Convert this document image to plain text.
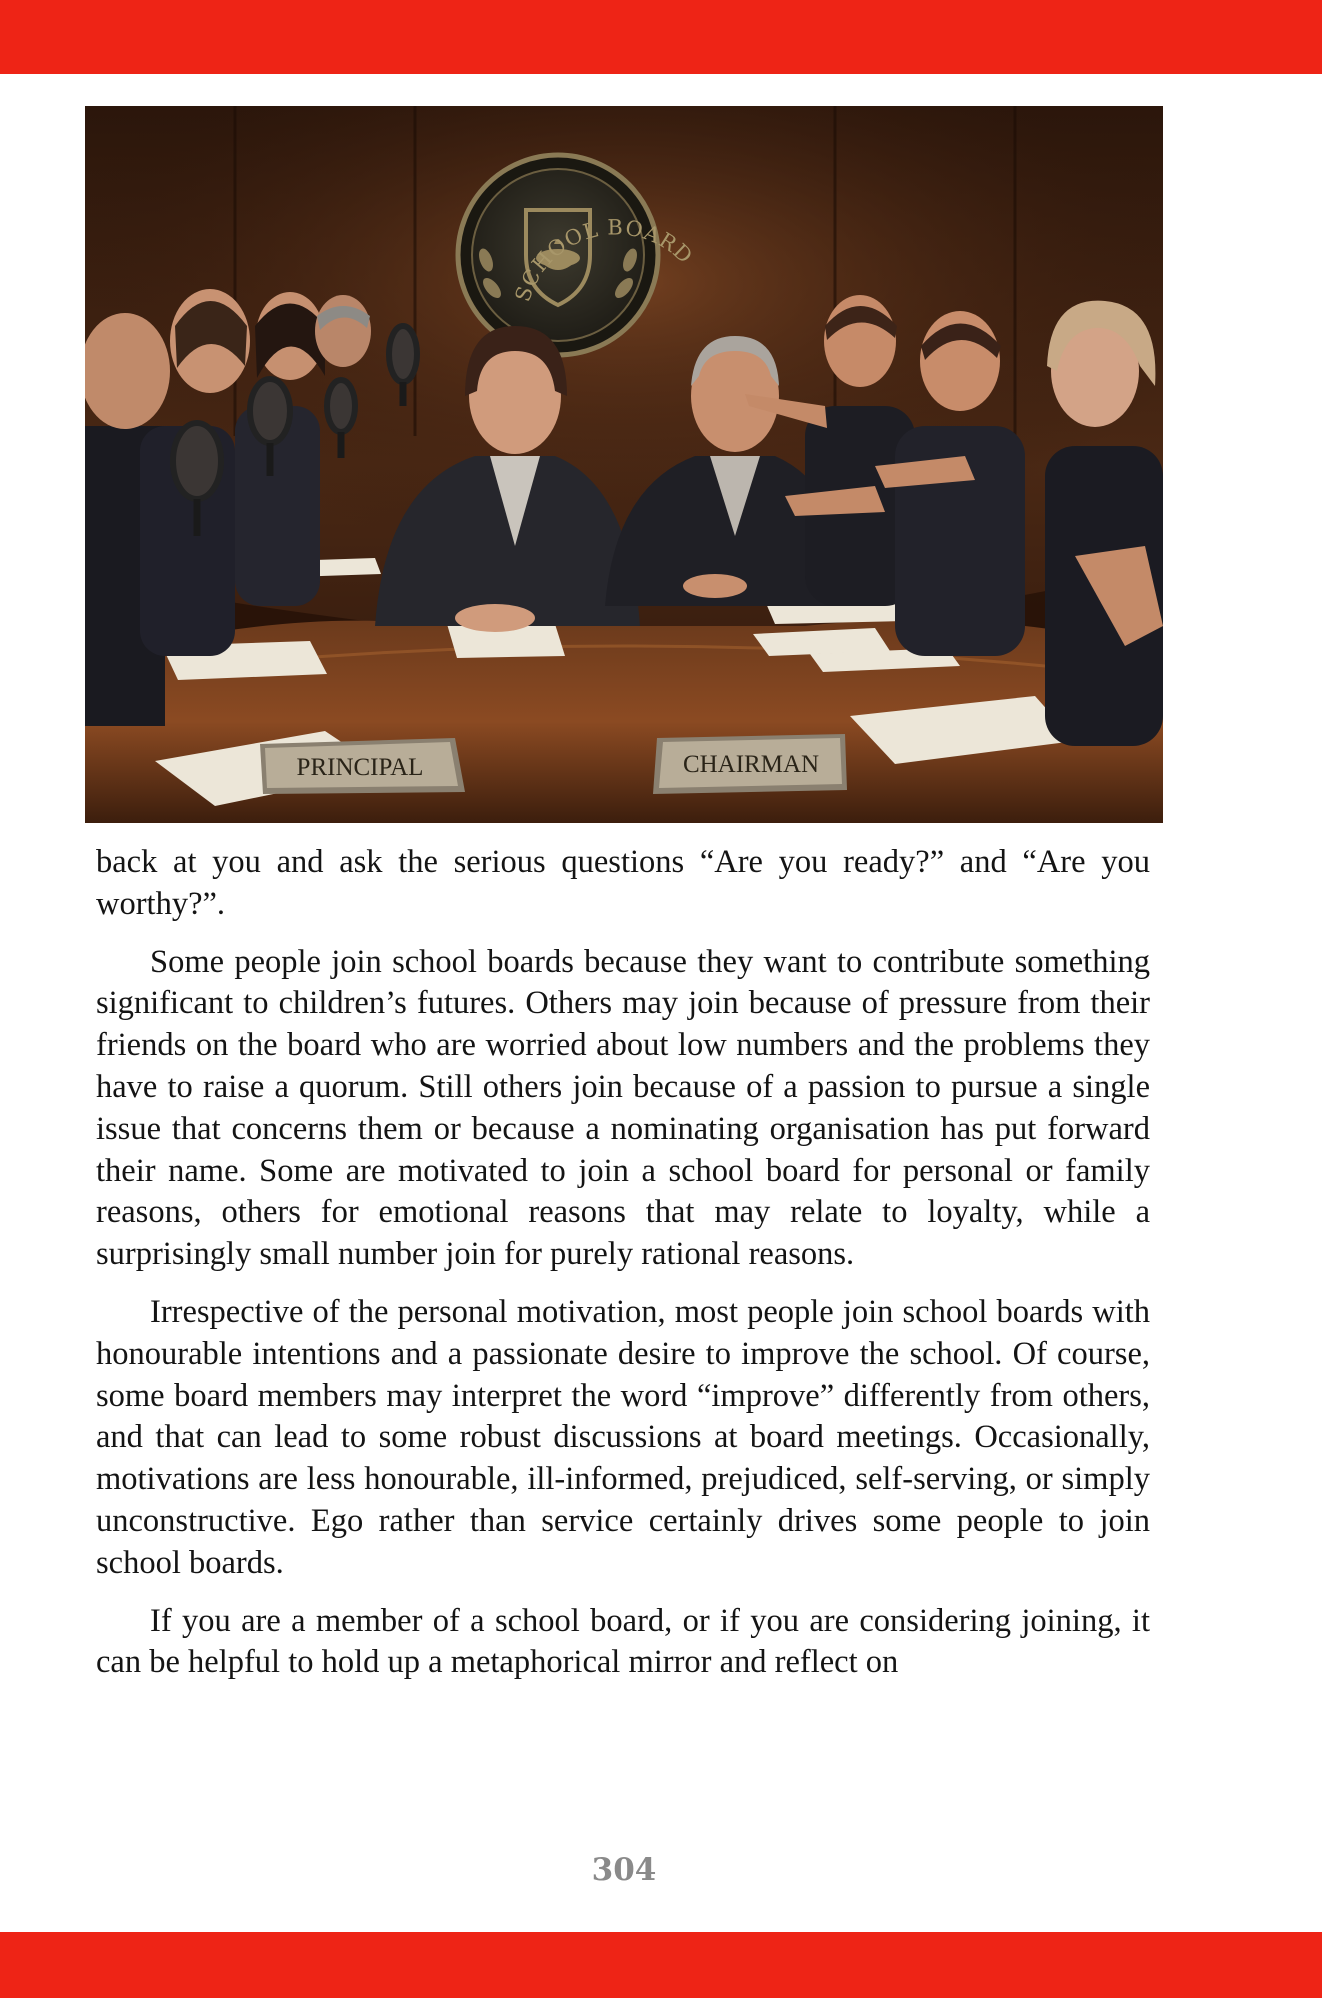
SCHOOL BOARD
PRINCIPAL	CHAIRMAN

back at you and ask the serious questions “Are you ready?” and “Are you worthy?”.

Some people join school boards because they want to contribute something significant to children’s futures. Others may join because of pressure from their friends on the board who are worried about low numbers and the problems they have to raise a quorum. Still others join because of a passion to pursue a single issue that concerns them or because a nominating organisation has put forward their name. Some are motivated to join a school board for personal or family reasons, others for emotional reasons that may relate to loyalty, while a surprisingly small number join for purely rational reasons.

Irrespective of the personal motivation, most people join school boards with honourable intentions and a passionate desire to improve the school. Of course, some board members may interpret the word “improve” differently from others, and that can lead to some robust discussions at board meetings. Occasionally, motivations are less honourable, ill-informed, prejudiced, self-serving, or simply unconstructive. Ego rather than service certainly drives some people to join school boards.

If you are a member of a school board, or if you are considering joining, it can be helpful to hold up a metaphorical mirror and reflect on

304
